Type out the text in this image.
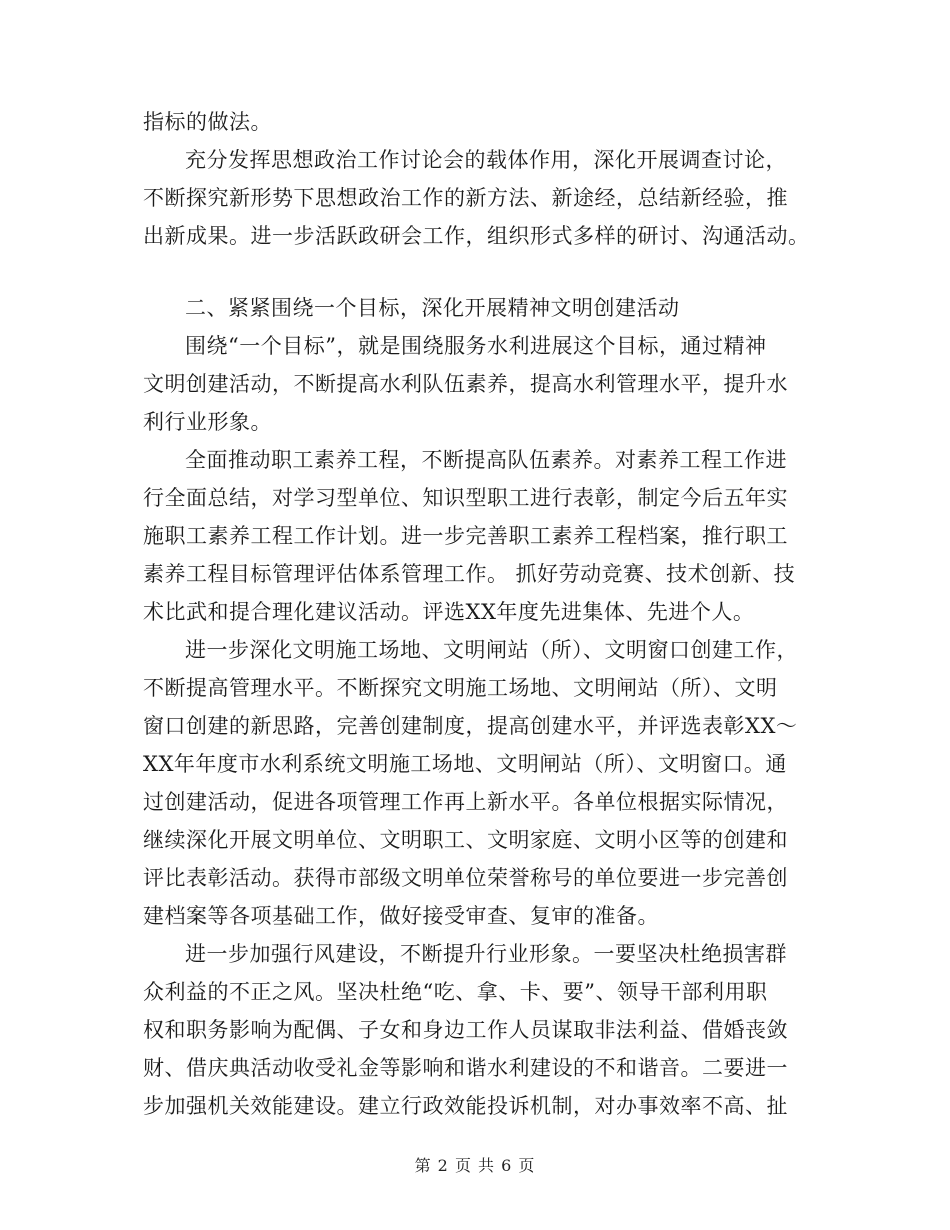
指标的做法。
充分发挥思想政治工作讨论会的载体作用，深化开展调查讨论，
不断探究新形势下思想政治工作的新方法、新途经，总结新经验，推
出新成果。进一步活跃政研会工作，组织形式多样的研讨、沟通活动。
二、紧紧围绕一个目标，深化开展精神文明创建活动
围绕“一个目标”，就是围绕服务水利进展这个目标，通过精神
文明创建活动，不断提高水利队伍素养，提高水利管理水平，提升水
利行业形象。
全面推动职工素养工程，不断提高队伍素养。对素养工程工作进
行全面总结，对学习型单位、知识型职工进行表彰，制定今后五年实
施职工素养工程工作计划。进一步完善职工素养工程档案，推行职工
素养工程目标管理评估体系管理工作。 抓好劳动竞赛、技术创新、技
术比武和提合理化建议活动。评选XX年度先进集体、先进个人。
进一步深化文明施工场地、文明闸站（所）、文明窗口创建工作，
不断提高管理水平。不断探究文明施工场地、文明闸站（所）、文明
窗口创建的新思路，完善创建制度，提高创建水平，并评选表彰XX～
XX年年度市水利系统文明施工场地、文明闸站（所）、文明窗口。通
过创建活动，促进各项管理工作再上新水平。各单位根据实际情况，
继续深化开展文明单位、文明职工、文明家庭、文明小区等的创建和
评比表彰活动。获得市部级文明单位荣誉称号的单位要进一步完善创
建档案等各项基础工作，做好接受审查、复审的准备。
进一步加强行风建设，不断提升行业形象。一要坚决杜绝损害群
众利益的不正之风。坚决杜绝“吃、拿、卡、要”、领导干部利用职
权和职务影响为配偶、子女和身边工作人员谋取非法利益、借婚丧敛
财、借庆典活动收受礼金等影响和谐水利建设的不和谐音。二要进一
步加强机关效能建设。建立行政效能投诉机制，对办事效率不高、扯
第 2 页 共 6 页
